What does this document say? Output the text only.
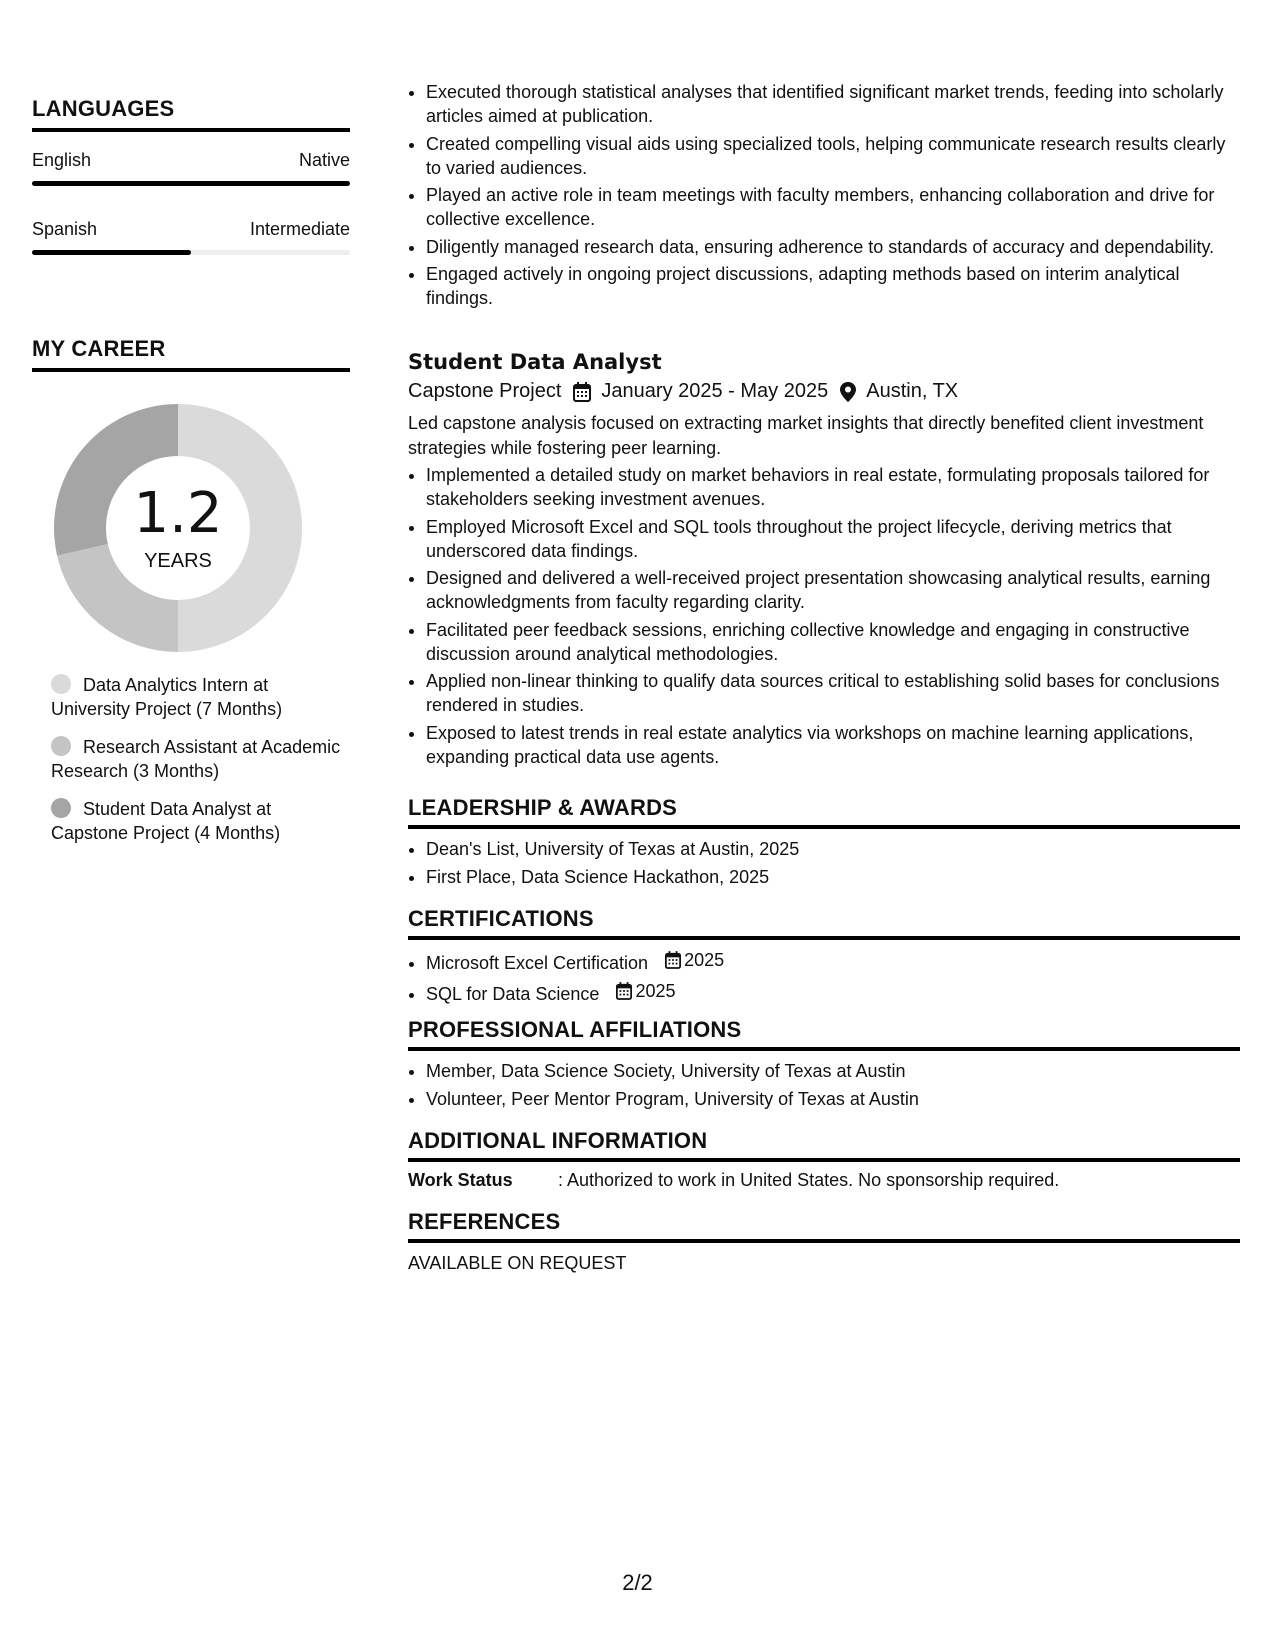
LANGUAGES
English	Native
Spanish	Intermediate
MY CAREER
1.2
YEARS
Data Analytics Intern at University Project (7 Months)
Research Assistant at Academic Research (3 Months)
Student Data Analyst at Capstone Project (4 Months)
• Executed thorough statistical analyses that identified significant market trends, feeding into scholarly articles aimed at publication.
• Created compelling visual aids using specialized tools, helping communicate research results clearly to varied audiences.
• Played an active role in team meetings with faculty members, enhancing collaboration and drive for collective excellence.
• Diligently managed research data, ensuring adherence to standards of accuracy and dependability.
• Engaged actively in ongoing project discussions, adapting methods based on interim analytical findings.
Student Data Analyst
Capstone Project January 2025 - May 2025 Austin, TX
Led capstone analysis focused on extracting market insights that directly benefited client investment strategies while fostering peer learning.
• Implemented a detailed study on market behaviors in real estate, formulating proposals tailored for stakeholders seeking investment avenues.
• Employed Microsoft Excel and SQL tools throughout the project lifecycle, deriving metrics that underscored data findings.
• Designed and delivered a well-received project presentation showcasing analytical results, earning acknowledgments from faculty regarding clarity.
• Facilitated peer feedback sessions, enriching collective knowledge and engaging in constructive discussion around analytical methodologies.
• Applied non-linear thinking to qualify data sources critical to establishing solid bases for conclusions rendered in studies.
• Exposed to latest trends in real estate analytics via workshops on machine learning applications, expanding practical data use agents.
LEADERSHIP & AWARDS
• Dean's List, University of Texas at Austin, 2025
• First Place, Data Science Hackathon, 2025
CERTIFICATIONS
• Microsoft Excel Certification 2025
• SQL for Data Science 2025
PROFESSIONAL AFFILIATIONS
• Member, Data Science Society, University of Texas at Austin
• Volunteer, Peer Mentor Program, University of Texas at Austin
ADDITIONAL INFORMATION
Work Status	: Authorized to work in United States. No sponsorship required.
REFERENCES
AVAILABLE ON REQUEST
2/2
